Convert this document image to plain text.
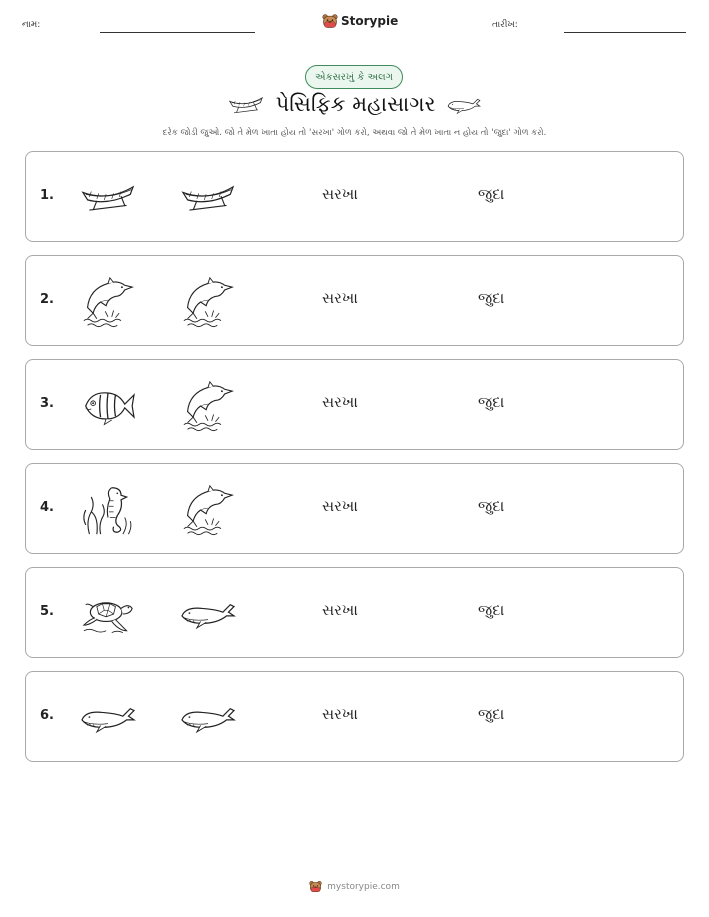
નામ:	Storypie	તારીખ:
એકસરખું કે અલગ
પેસિફિક મહાસાગર
દરેક જોડી જુઓ. જો તે મેળ ખાતા હોય તો 'સરખા' ગોળ કરો, અથવા જો તે મેળ ખાતા ન હોય તો 'જુદા' ગોળ કરો.
1.	સરખા	જુદા
2.	સરખા	જુદા
3.	સરખા	જુદા
4.	સરખા	જુદા
5.	સરખા	જુદા
6.	સરખા	જુદા
mystorypie.com
